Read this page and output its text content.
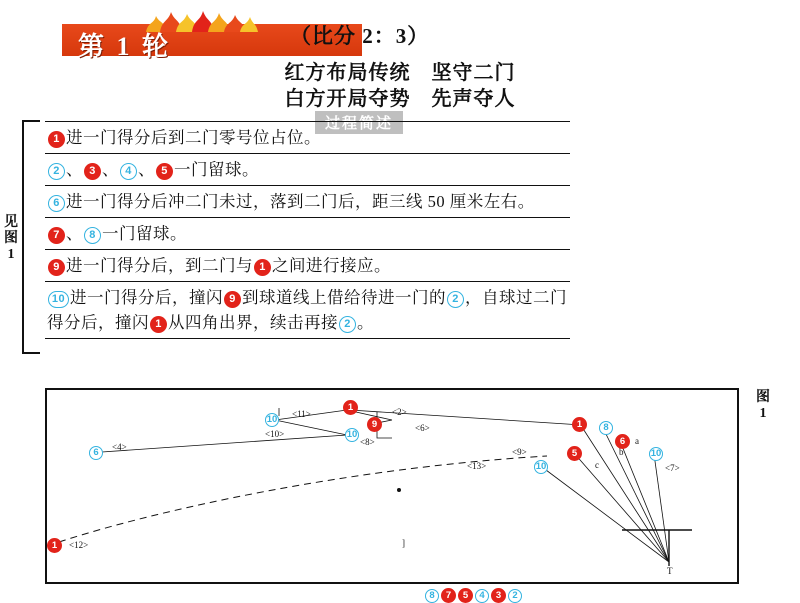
第 1 轮	（比分 2：3）
红方布局传统　坚守二门
白方开局夺势　先声夺人
过程简述
见
图
1
1 进一门得分后到二门零号位占位。
2 、 3 、 4 、 5 一门留球。
6 进一门得分后冲二门未过，落到二门后，距三线 50 厘米左右。
7 、 8 一门留球。
9 进一门得分后，到二门与 1 之间进行接应。
10 进一门得分后，撞闪 9 到球道线上借给待进一门的 2 ，自球过二门得分后，撞闪 1 从四角出界，续击再接 2 。
1
10	9
10
1	8
6
5	10
10
6
1
<11>	<2>
<10>
<6>
<8>
<9>
<13>	<7>
<4>
<12>
c
b
a
]
T
图
1
8 7 5 4 3 2
